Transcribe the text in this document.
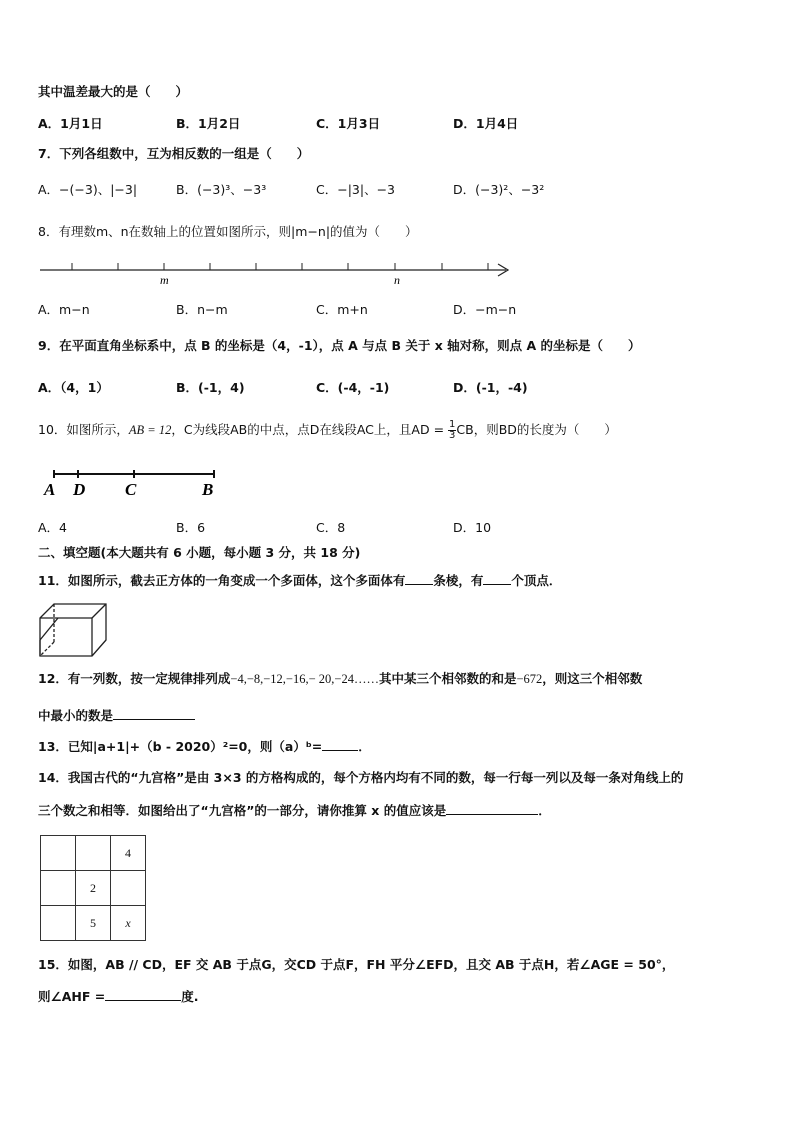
其中温差最大的是（　　）
A．1月1日	B．1月2日	C．1月3日	D．1月4日
7．下列各组数中，互为相反数的一组是（　　）
A．−(−3)、|−3|	B．(−3)³、−3³	C．−|3|、−3	D．(−3)²、−3²
8．有理数m、n在数轴上的位置如图所示，则|m−n|的值为（　　）
m	n
A．m−n	B．n−m	C．m+n	D．−m−n
9．在平面直角坐标系中，点 B 的坐标是（4，-1），点 A 与点 B 关于 x 轴对称，则点 A 的坐标是（　　）
A．（4，1）	B．(-1，4)	C．(-4，-1)	D．(-1，-4)
10．如图所示，AB = 12，C为线段AB的中点，点D在线段AC上，且AD = $\frac{1}{3}$ CB，则BD的长度为（　　）
A D C	B
A．4	B．6	C．8	D．10
二、填空题(本大题共有 6 小题，每小题 3 分，共 18 分)
11．如图所示，截去正方体的一角变成一个多面体，这个多面体有 条棱，有 个顶点．
12．有一列数，按一定规律排列成−4,−8,−12,−16,− 20,−24……其中某三个相邻数的和是−672，则这三个相邻数
中最小的数是
13．已知|a+1|+（b - 2020）²=0，则（a）ᵇ=	．
14．我国古代的“九宫格”是由 3×3 的方格构成的，每个方格内均有不同的数，每一行每一列以及每一条对角线上的
三个数之和相等．如图给出了“九宫格”的一部分，请你推算 x 的值应该是	．
		4
	2	
	5	x
15．如图，AB // CD，EF 交 AB 于点G，交CD 于点F，FH 平分∠EFD，且交 AB 于点H，若∠AGE = 50°，
则∠AHF =	度.
